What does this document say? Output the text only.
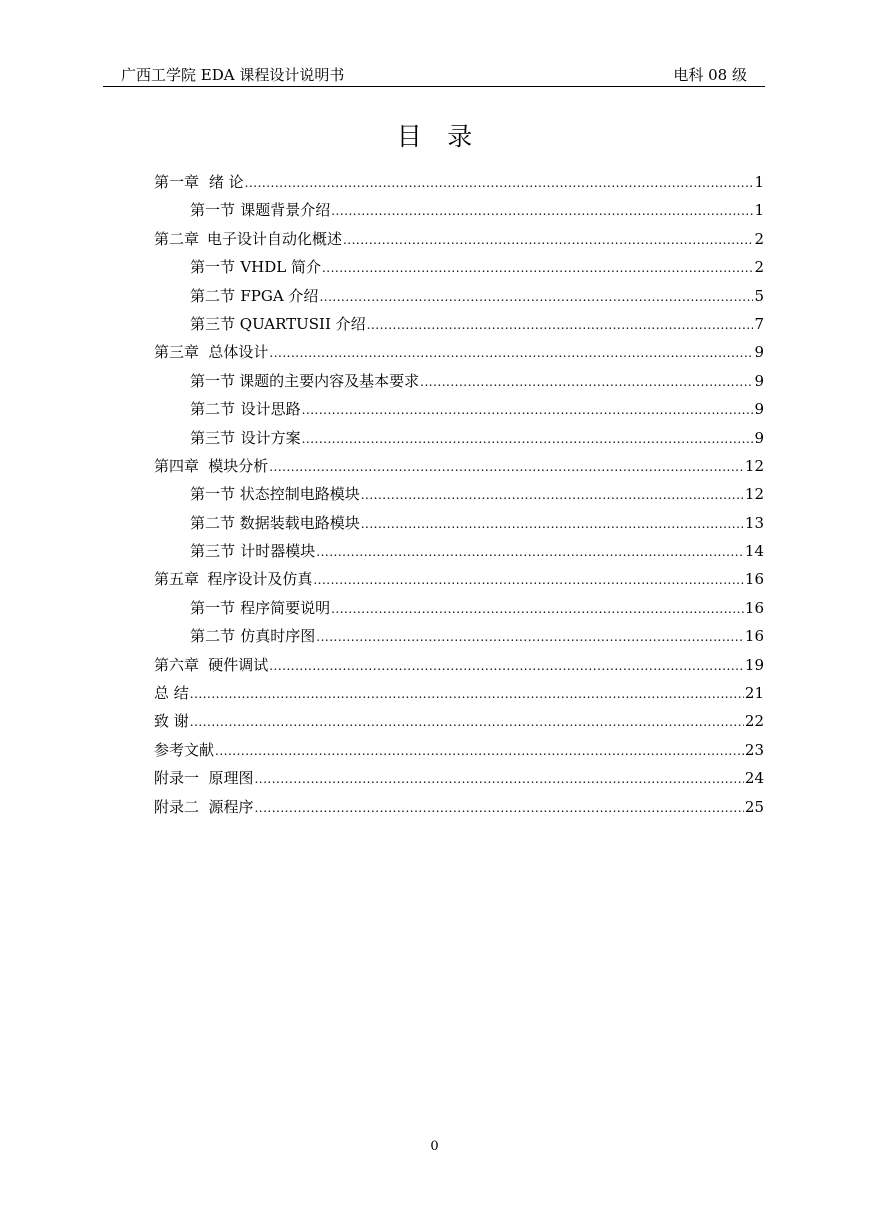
广西工学院 EDA 课程设计说明书	电科 08 级
目 录
第一章 绪 论 .....	1
第一节 课题背景介绍 .....	1
第二章 电子设计自动化概述 .....	2
第一节 VHDL 简介 .....	2
第二节 FPGA 介绍 .....	5
第三节 QUARTUSII 介绍 .....	7
第三章 总体设计 .....	9
第一节 课题的主要内容及基本要求 .....	9
第二节 设计思路 .....	9
第三节 设计方案 .....	9
第四章 模块分析 .....	12
第一节 状态控制电路模块 .....	12
第二节 数据装载电路模块 .....	13
第三节 计时器模块 .....	14
第五章 程序设计及仿真 .....	16
第一节 程序简要说明 .....	16
第二节 仿真时序图 .....	16
第六章 硬件调试 .....	19
总 结 .....	21
致 谢 .....	22
参考文献 .....	23
附录一 原理图 .....	24
附录二 源程序 .....	25
0
